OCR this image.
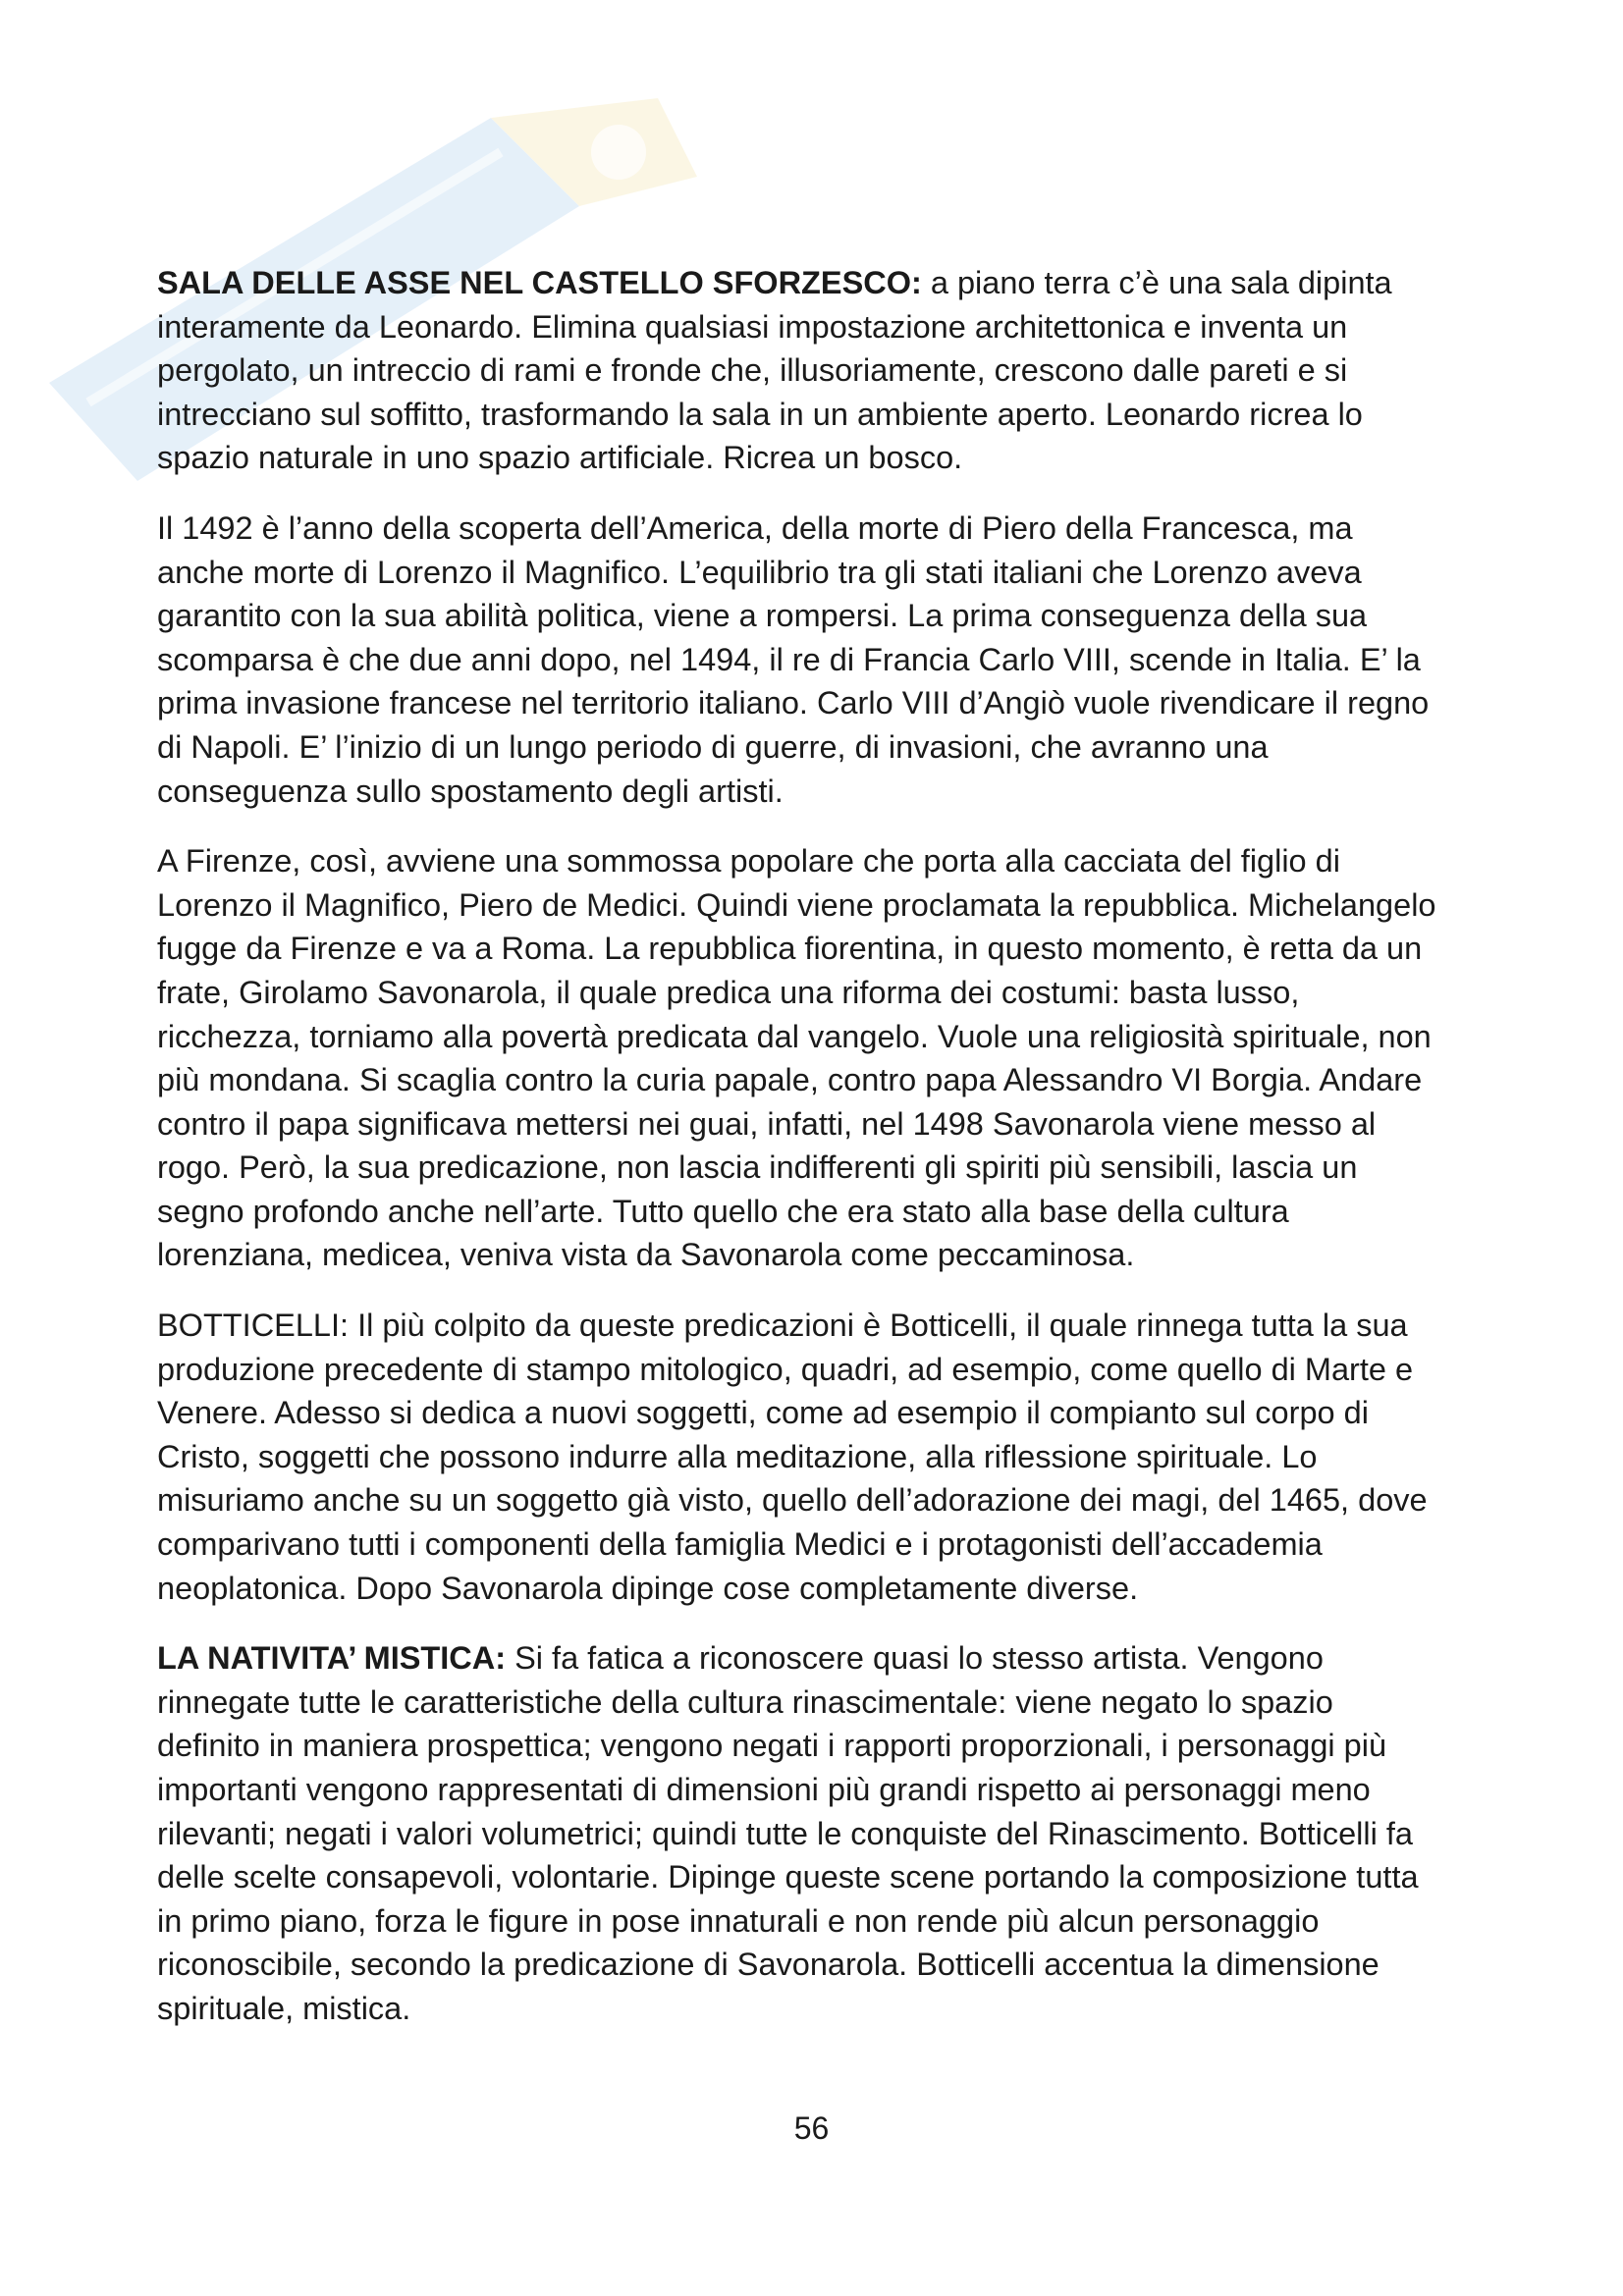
SALA DELLE ASSE NEL CASTELLO SFORZESCO: a piano terra c’è una sala dipinta
interamente da Leonardo. Elimina qualsiasi impostazione architettonica e inventa un
pergolato, un intreccio di rami e fronde che, illusoriamente, crescono dalle pareti e si
intrecciano sul soffitto, trasformando la sala in un ambiente aperto. Leonardo ricrea lo
spazio naturale in uno spazio artificiale. Ricrea un bosco.

Il 1492 è l’anno della scoperta dell’America, della morte di Piero della Francesca, ma
anche morte di Lorenzo il Magnifico. L’equilibrio tra gli stati italiani che Lorenzo aveva
garantito con la sua abilità politica, viene a rompersi. La prima conseguenza della sua
scomparsa è che due anni dopo, nel 1494, il re di Francia Carlo VIII, scende in Italia. E’ la
prima invasione francese nel territorio italiano. Carlo VIII d’Angiò vuole rivendicare il regno
di Napoli. E’ l’inizio di un lungo periodo di guerre, di invasioni, che avranno una
conseguenza sullo spostamento degli artisti.

A Firenze, così, avviene una sommossa popolare che porta alla cacciata del figlio di
Lorenzo il Magnifico, Piero de Medici. Quindi viene proclamata la repubblica. Michelangelo
fugge da Firenze e va a Roma. La repubblica fiorentina, in questo momento, è retta da un
frate, Girolamo Savonarola, il quale predica una riforma dei costumi: basta lusso,
ricchezza, torniamo alla povertà predicata dal vangelo. Vuole una religiosità spirituale, non
più mondana. Si scaglia contro la curia papale, contro papa Alessandro VI Borgia. Andare
contro il papa significava mettersi nei guai, infatti, nel 1498 Savonarola viene messo al
rogo. Però, la sua predicazione, non lascia indifferenti gli spiriti più sensibili, lascia un
segno profondo anche nell’arte. Tutto quello che era stato alla base della cultura
lorenziana, medicea, veniva vista da Savonarola come peccaminosa.

BOTTICELLI: Il più colpito da queste predicazioni è Botticelli, il quale rinnega tutta la sua
produzione precedente di stampo mitologico, quadri, ad esempio, come quello di Marte e
Venere. Adesso si dedica a nuovi soggetti, come ad esempio il compianto sul corpo di
Cristo, soggetti che possono indurre alla meditazione, alla riflessione spirituale. Lo
misuriamo anche su un soggetto già visto, quello dell’adorazione dei magi, del 1465, dove
comparivano tutti i componenti della famiglia Medici e i protagonisti dell’accademia
neoplatonica. Dopo Savonarola dipinge cose completamente diverse.

LA NATIVITA’ MISTICA: Si fa fatica a riconoscere quasi lo stesso artista. Vengono
rinnegate tutte le caratteristiche della cultura rinascimentale: viene negato lo spazio
definito in maniera prospettica; vengono negati i rapporti proporzionali, i personaggi più
importanti vengono rappresentati di dimensioni più grandi rispetto ai personaggi meno
rilevanti; negati i valori volumetrici; quindi tutte le conquiste del Rinascimento. Botticelli fa
delle scelte consapevoli, volontarie. Dipinge queste scene portando la composizione tutta
in primo piano, forza le figure in pose innaturali e non rende più alcun personaggio
riconoscibile, secondo la predicazione di Savonarola. Botticelli accentua la dimensione
spirituale, mistica.

56
